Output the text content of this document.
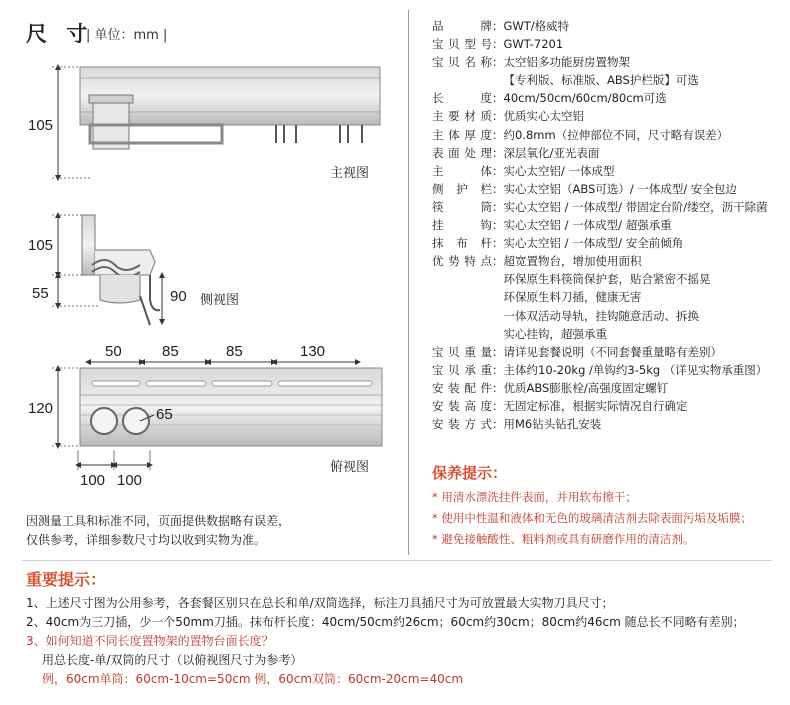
尺 寸
| 单位：mm |
105
主视图
105
55	90 侧视图
50	85	85	130
120	65
100 100
俯视图
因测量工具和标准不同，页面提供数据略有误差，
仅供参考，详细参数尺寸均以收到实物为准。
品 牌：GWT/格威特
宝贝型号：GWT-7201
宝贝名称：太空铝多功能厨房置物架
　【专利版、标准版、ABS护栏版】可选
长 度：40cm/50cm/60cm/80cm可选
主要材质：优质实心太空铝
主体厚度：约0.8mm（拉伸部位不同，尺寸略有误差）
表面处理：深层氧化/亚光表面
主 体：实心太空铝/ 一体成型
侧 护 栏：实心太空铝（ABS可选）/ 一体成型/ 安全包边
筷 筒：实心太空铝 / 一体成型/ 带固定台阶/缕空，沥干除菌
挂 钩：实心太空铝 / 一体成型/ 超强承重
抹 布 杆：实心太空铝 / 一体成型/ 安全前倾角
优势特点：超宽置物台，增加使用面积
　环保原生料筷筒保护套，贴合紧密不摇晃
　环保原生料刀插，健康无害
　一体双活动导轨，挂钩随意活动、拆换
　实心挂钩，超强承重
宝贝重量：请详见套餐说明（不同套餐重量略有差别）
宝贝承重：主体约10-20kg /单钩约3-5kg （详见实物承重图）
安装配件：优质ABS膨胀栓/高强度固定螺钉
安装高度：无固定标准，根据实际情况自行确定
安装方式：用M6钻头钻孔安装
保养提示：
* 用清水漂洗挂件表面，并用软布擦干；
* 使用中性温和液体和无色的玻璃清洁剂去除表面污垢及垢膜；
* 避免接触酸性、粗料剂或具有研磨作用的清洁剂。
重要提示：
1、上述尺寸图为公用参考，各套餐区别只在总长和单/双筒选择，标注刀具插尺寸为可放置最大实物刀具尺寸；
2、40cm为三刀插，少一个50mm刀插。抹布杆长度：40cm/50cm约26cm；60cm约30cm；80cm约46cm 随总长不同略有差别；
3、如何知道不同长度置物架的置物台面长度？
用总长度-单/双筒的尺寸（以俯视图尺寸为参考）
例，60cm单筒：60cm-10cm=50cm 例，60cm双筒：60cm-20cm=40cm
